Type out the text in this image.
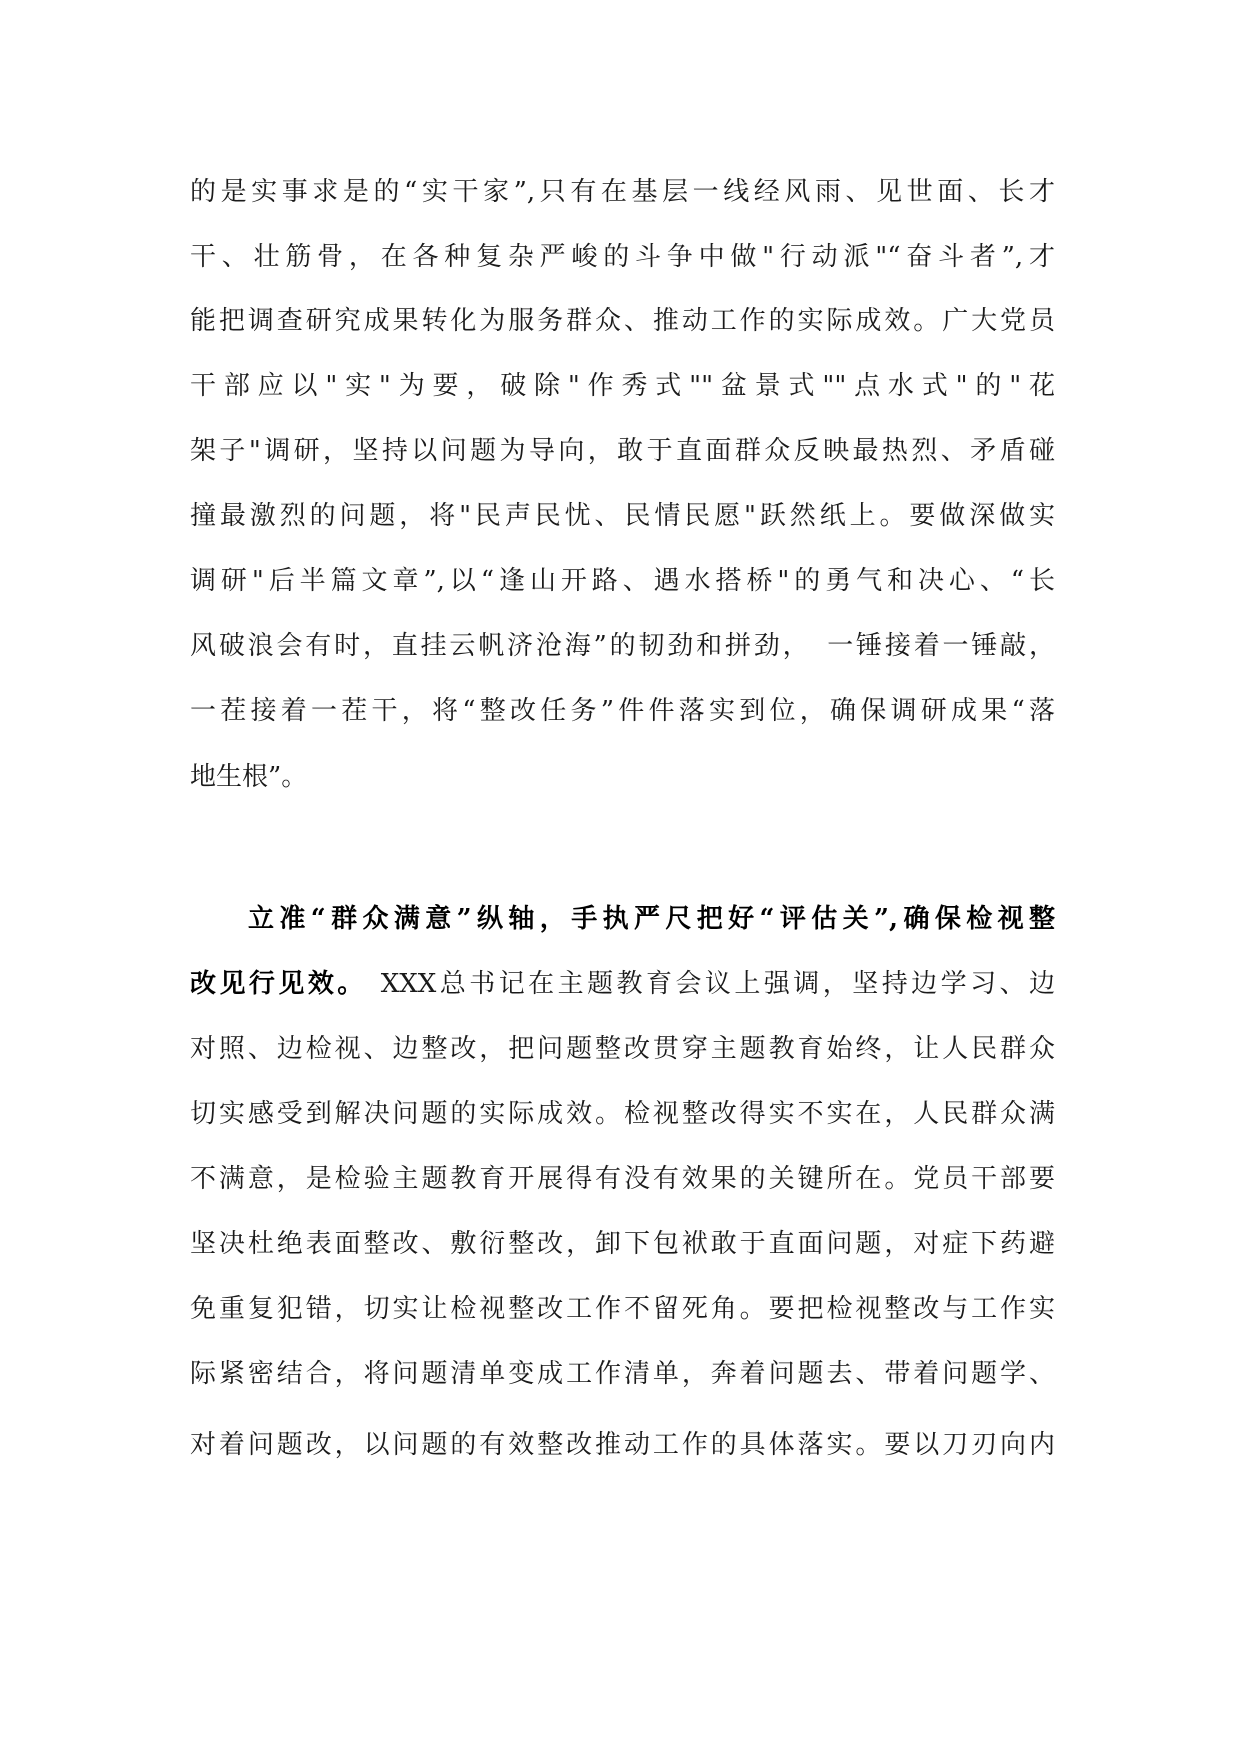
的是实事求是的“实干家”,只有在基层一线经风雨、见世面、长才
干、壮筋骨，在各种复杂严峻的斗争中做"行动派"“奋斗者”,才
能把调查研究成果转化为服务群众、推动工作的实际成效。广大党员
干部应以"实"为要，破除"作秀式""盆景式""点水式"的"花
架子"调研，坚持以问题为导向，敢于直面群众反映最热烈、矛盾碰
撞最激烈的问题，将"民声民忧、民情民愿"跃然纸上。要做深做实
调研"后半篇文章”,以“逢山开路、遇水搭桥"的勇气和决心、“长
风破浪会有时，直挂云帆济沧海”的韧劲和拼劲，　一锤接着一锤敲，
一茬接着一茬干，将“整改任务”件件落实到位，确保调研成果“落
地生根”。
立准“群众满意”纵轴，手执严尺把好“评估关”,确保检视整
改见行见效。 XXX总书记在主题教育会议上强调，坚持边学习、边
对照、边检视、边整改，把问题整改贯穿主题教育始终，让人民群众
切实感受到解决问题的实际成效。检视整改得实不实在，人民群众满
不满意，是检验主题教育开展得有没有效果的关键所在。党员干部要
坚决杜绝表面整改、敷衍整改，卸下包袱敢于直面问题，对症下药避
免重复犯错，切实让检视整改工作不留死角。要把检视整改与工作实
际紧密结合，将问题清单变成工作清单，奔着问题去、带着问题学、
对着问题改，以问题的有效整改推动工作的具体落实。要以刀刃向内
